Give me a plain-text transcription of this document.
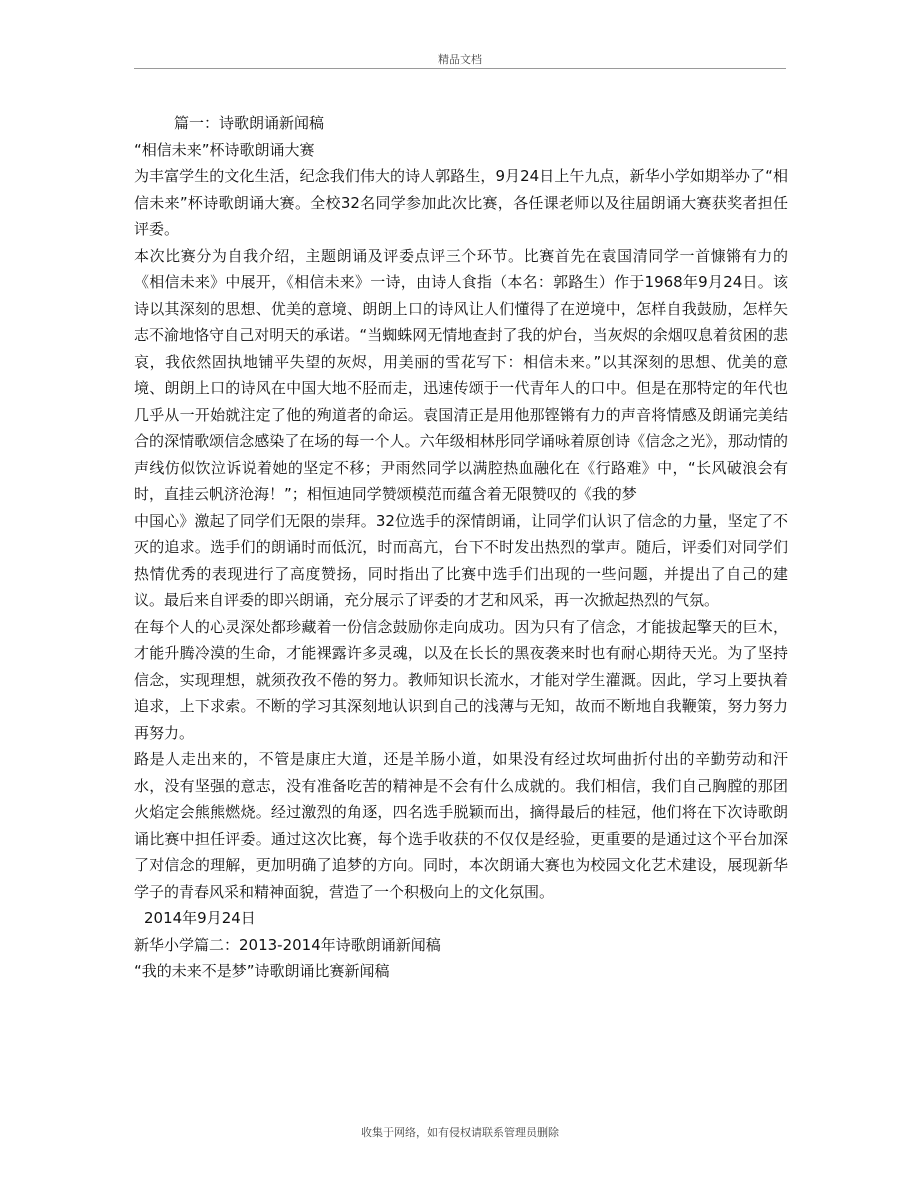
精品文档

篇一：诗歌朗诵新闻稿

“相信未来”杯诗歌朗诵大赛

为丰富学生的文化生活，纪念我们伟大的诗人郭路生，9月24日上午九点，新华小学如期举办了“相信未来”杯诗歌朗诵大赛。全校32名同学参加此次比赛，各任课老师以及往届朗诵大赛获奖者担任评委。

本次比赛分为自我介绍，主题朗诵及评委点评三个环节。比赛首先在袁国清同学一首慷锵有力的《相信未来》中展开，《相信未来》一诗，由诗人食指（本名：郭路生）作于1968年9月24日。该诗以其深刻的思想、优美的意境、朗朗上口的诗风让人们懂得了在逆境中，怎样自我鼓励，怎样矢志不渝地恪守自己对明天的承诺。“当蜘蛛网无情地查封了我的炉台，当灰烬的余烟叹息着贫困的悲哀，我依然固执地铺平失望的灰烬，用美丽的雪花写下：相信未来。”以其深刻的思想、优美的意境、朗朗上口的诗风在中国大地不胫而走，迅速传颂于一代青年人的口中。但是在那特定的年代也几乎从一开始就注定了他的殉道者的命运。袁国清正是用他那铿锵有力的声音将情感及朗诵完美结合的深情歌颂信念感染了在场的每一个人。六年级相林彤同学诵咏着原创诗《信念之光》，那动情的声线仿似饮泣诉说着她的坚定不移；尹雨然同学以满腔热血融化在《行路难》中，“长风破浪会有时，直挂云帆济沧海！”；相恒迪同学赞颂模范而蕴含着无限赞叹的《我的梦

中国心》激起了同学们无限的崇拜。32位选手的深情朗诵，让同学们认识了信念的力量，坚定了不灭的追求。选手们的朗诵时而低沉，时而高亢，台下不时发出热烈的掌声。随后，评委们对同学们热情优秀的表现进行了高度赞扬，同时指出了比赛中选手们出现的一些问题，并提出了自己的建议。最后来自评委的即兴朗诵，充分展示了评委的才艺和风采，再一次掀起热烈的气氛。

在每个人的心灵深处都珍藏着一份信念鼓励你走向成功。因为只有了信念，才能拔起擎天的巨木，才能升腾冷漠的生命，才能裸露许多灵魂，以及在长长的黑夜袭来时也有耐心期待天光。为了坚持信念，实现理想，就须孜孜不倦的努力。教师知识长流水，才能对学生灌溉。因此，学习上要执着追求，上下求索。不断的学习其深刻地认识到自己的浅薄与无知，故而不断地自我鞭策，努力努力再努力。

路是人走出来的，不管是康庄大道，还是羊肠小道，如果没有经过坎坷曲折付出的辛勤劳动和汗水，没有坚强的意志，没有准备吃苦的精神是不会有什么成就的。我们相信，我们自己胸膛的那团火焰定会熊熊燃烧。经过激烈的角逐，四名选手脱颖而出，摘得最后的桂冠，他们将在下次诗歌朗诵比赛中担任评委。通过这次比赛，每个选手收获的不仅仅是经验，更重要的是通过这个平台加深了对信念的理解，更加明确了追梦的方向。同时，本次朗诵大赛也为校园文化艺术建设，展现新华学子的青春风采和精神面貌，营造了一个积极向上的文化氛围。

2014年9月24日

新华小学篇二：2013-2014年诗歌朗诵新闻稿

“我的未来不是梦”诗歌朗诵比赛新闻稿

收集于网络，如有侵权请联系管理员删除
